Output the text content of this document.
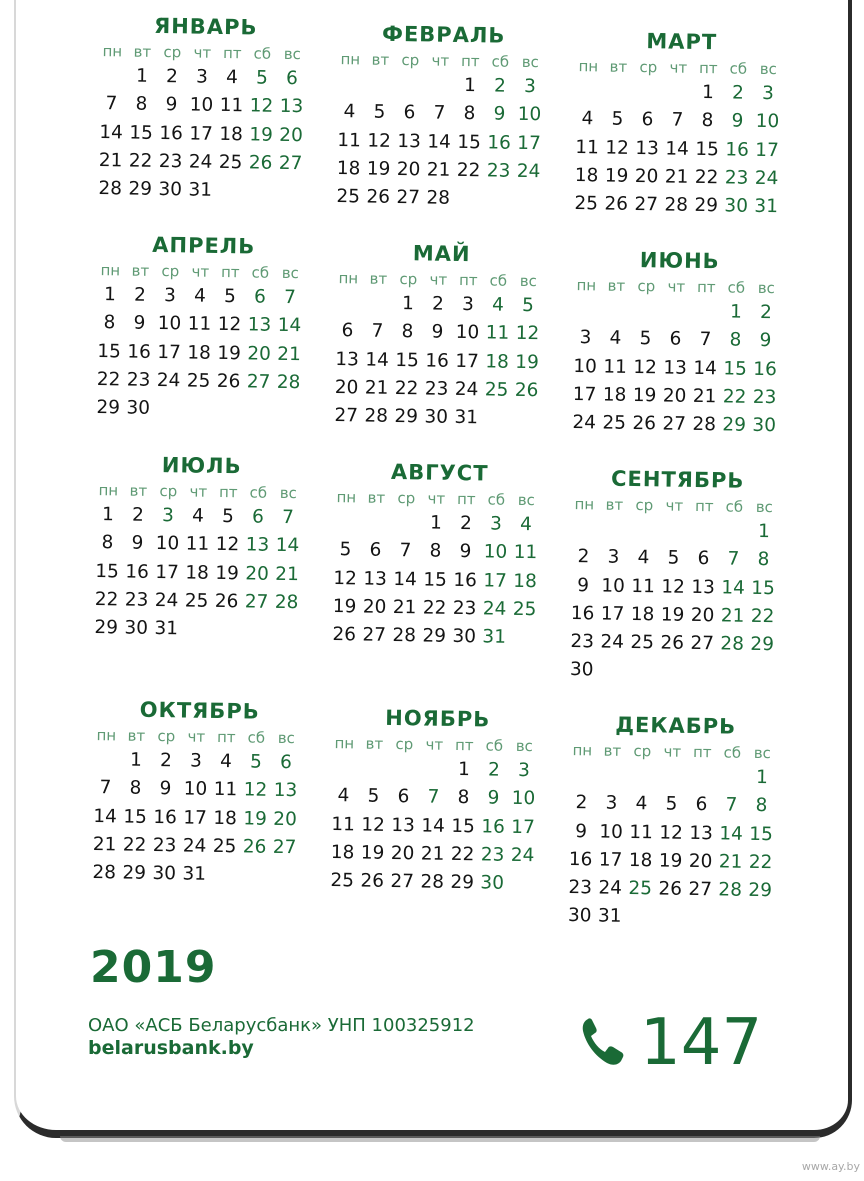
ЯНВАРЬ
пн вт ср чт пт сб вс
1 2 3 4 5 6
7 8 9 10 11 12 13
14 15 16 17 18 19 20
21 22 23 24 25 26 27
28 29 30 31
ФЕВРАЛЬ
пн вт ср чт пт сб вс
1 2 3
4 5 6 7 8 9 10
11 12 13 14 15 16 17
18 19 20 21 22 23 24
25 26 27 28
МАРТ
пн вт ср чт пт сб вс
1 2 3
4 5 6 7 8 9 10
11 12 13 14 15 16 17
18 19 20 21 22 23 24
25 26 27 28 29 30 31
АПРЕЛЬ
пн вт ср чт пт сб вс
1 2 3 4 5 6 7
8 9 10 11 12 13 14
15 16 17 18 19 20 21
22 23 24 25 26 27 28
29 30
МАЙ
пн вт ср чт пт сб вс
1 2 3 4 5
6 7 8 9 10 11 12
13 14 15 16 17 18 19
20 21 22 23 24 25 26
27 28 29 30 31
ИЮНЬ
пн вт ср чт пт сб вс
1 2
3 4 5 6 7 8 9
10 11 12 13 14 15 16
17 18 19 20 21 22 23
24 25 26 27 28 29 30
ИЮЛЬ
пн вт ср чт пт сб вс
1 2 3 4 5 6 7
8 9 10 11 12 13 14
15 16 17 18 19 20 21
22 23 24 25 26 27 28
29 30 31
АВГУСТ
пн вт ср чт пт сб вс
1 2 3 4
5 6 7 8 9 10 11
12 13 14 15 16 17 18
19 20 21 22 23 24 25
26 27 28 29 30 31
СЕНТЯБРЬ
пн вт ср чт пт сб вс
1
2 3 4 5 6 7 8
9 10 11 12 13 14 15
16 17 18 19 20 21 22
23 24 25 26 27 28 29
30
ОКТЯБРЬ
пн вт ср чт пт сб вс
1 2 3 4 5 6
7 8 9 10 11 12 13
14 15 16 17 18 19 20
21 22 23 24 25 26 27
28 29 30 31
НОЯБРЬ
пн вт ср чт пт сб вс
1 2 3
4 5 6 7 8 9 10
11 12 13 14 15 16 17
18 19 20 21 22 23 24
25 26 27 28 29 30
ДЕКАБРЬ
пн вт ср чт пт сб вс
1
2 3 4 5 6 7 8
9 10 11 12 13 14 15
16 17 18 19 20 21 22
23 24 25 26 27 28 29
30 31
2019
ОАО «АСБ Беларусбанк» УНП 100325912
belarusbank.by	147
www.ay.by
